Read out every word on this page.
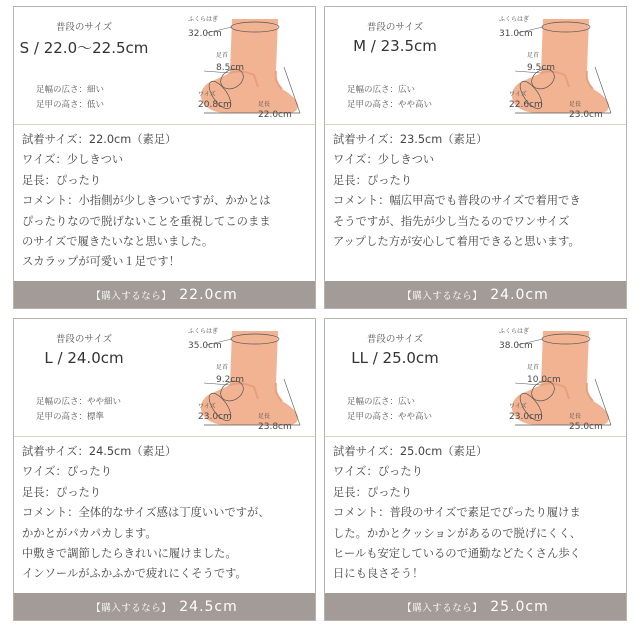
普段のサイズ
S / 22.0〜22.5cm
足幅の広さ：細い
足甲の高さ：低い
ふくらはぎ
32.0cm
足首
8.5cm
ワイズ
20.8cm	足長
22.0cm
試着サイズ：22.0cm（素足）
ワイズ：少しきつい
足長：ぴったり
コメント：小指側が少しきついですが、かかとは
ぴったりなので脱げないことを重視してこのまま
のサイズで履きたいなと思いました。
スカラップが可愛い１足です！
【購入するなら】 22.0cm
普段のサイズ
M / 23.5cm
足幅の広さ：広い
足甲の高さ：やや高い
ふくらはぎ
31.0cm
足首
9.5cm
ワイズ
22.6cm	足長
23.0cm
試着サイズ：23.5cm（素足）
ワイズ：少しきつい
足長：ぴったり
コメント：幅広甲高でも普段のサイズで着用でき
そうですが、指先が少し当たるのでワンサイズ
アップした方が安心して着用できると思います。
【購入するなら】 24.0cm
普段のサイズ
L / 24.0cm
足幅の広さ：やや細い
足甲の高さ：標準
ふくらはぎ
35.0cm
足首
9.2cm
ワイズ
23.0cm	足長
23.8cm
試着サイズ：24.5cm（素足）
ワイズ：ぴったり
足長：ぴったり
コメント：全体的なサイズ感は丁度いいですが、
かかとがパカパカします。
中敷きで調節したらきれいに履けました。
インソールがふかふかで疲れにくそうです。
【購入するなら】 24.5cm
普段のサイズ
LL / 25.0cm
足幅の広さ：広い
足甲の高さ：やや高い
ふくらはぎ
38.0cm
足首
10.0cm
ワイズ
23.0cm	足長
25.0cm
試着サイズ：25.0cm（素足）
ワイズ：ぴったり
足長：ぴったり
コメント：普段のサイズで素足でぴったり履けま
した。かかとクッションがあるので脱げにくく、
ヒールも安定しているので通勤などたくさん歩く
日にも良さそう！
【購入するなら】 25.0cm
